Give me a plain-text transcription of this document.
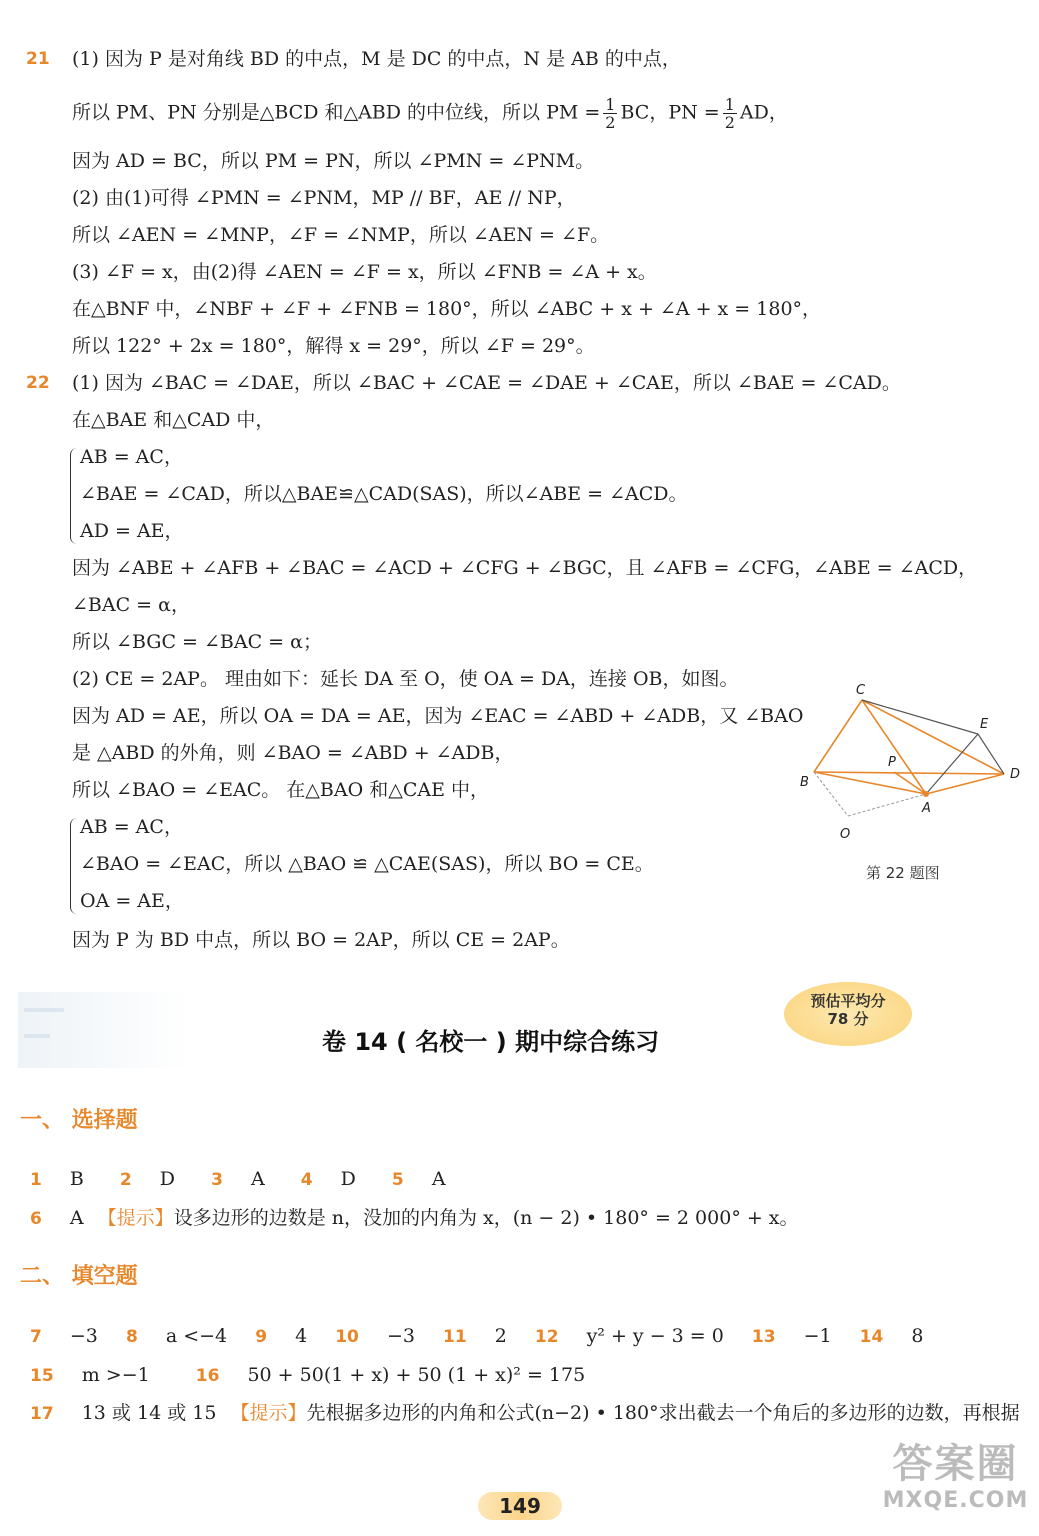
21 (1) 因为 P 是对角线 BD 的中点，M 是 DC 的中点，N 是 AB 的中点，
所以 PM、PN 分别是△BCD 和△ABD 的中位线，所以 PM = $\frac{1}{2}$ BC，PN = $\frac{1}{2}$ AD，
因为 AD = BC，所以 PM = PN，所以 ∠PMN = ∠PNM。
(2) 由(1)可得 ∠PMN = ∠PNM，MP // BF，AE // NP，
所以 ∠AEN = ∠MNP，∠F = ∠NMP，所以 ∠AEN = ∠F。
(3) ∠F = x，由(2)得 ∠AEN = ∠F = x，所以 ∠FNB = ∠A + x。
在△BNF 中，∠NBF + ∠F + ∠FNB = 180°，所以 ∠ABC + x + ∠A + x = 180°，
所以 122° + 2x = 180°，解得 x = 29°，所以 ∠F = 29°。
22 (1) 因为 ∠BAC = ∠DAE，所以 ∠BAC + ∠CAE = ∠DAE + ∠CAE，所以 ∠BAE = ∠CAD。
在△BAE 和△CAD 中，
AB = AC，
∠BAE = ∠CAD，所以△BAE≌△CAD(SAS)，所以∠ABE = ∠ACD。
AD = AE，
因为 ∠ABE + ∠AFB + ∠BAC = ∠ACD + ∠CFG + ∠BGC，且 ∠AFB = ∠CFG，∠ABE = ∠ACD，
∠BAC = α，
所以 ∠BGC = ∠BAC = α；
(2) CE = 2AP。 理由如下：延长 DA 至 O，使 OA = DA，连接 OB，如图。
因为 AD = AE，所以 OA = DA = AE，因为 ∠EAC = ∠ABD + ∠ADB，又 ∠BAO
是 △ABD 的外角，则 ∠BAO = ∠ABD + ∠ADB，
所以 ∠BAO = ∠EAC。 在△BAO 和△CAE 中，
AB = AC，
∠BAO = ∠EAC，所以 △BAO ≌ △CAE(SAS)，所以 BO = CE。
OA = AE，
因为 P 为 BD 中点，所以 BO = 2AP，所以 CE = 2AP。
C
E
P
B
D
A
O
第 22 题图
卷 14 ( 名校一 ) 期中综合练习
预估平均分
78 分
一、 选择题
1 B 2 D 3 A 4 D 5 A
6 A 【提示】设多边形的边数是 n，没加的内角为 x，(n − 2) • 180° = 2 000° + x。
二、 填空题
7 −3 8 a <−4 9 4 10 −3 11 2 12 y² + y − 3 = 0 13 −1 14 8
15 m >−1	16 50 + 50(1 + x) + 50 (1 + x)² = 175
17 13 或 14 或 15 【提示】先根据多边形的内角和公式(n−2) • 180°求出截去一个角后的多边形的边数，再根据
149
答案圈
MXQE.COM
